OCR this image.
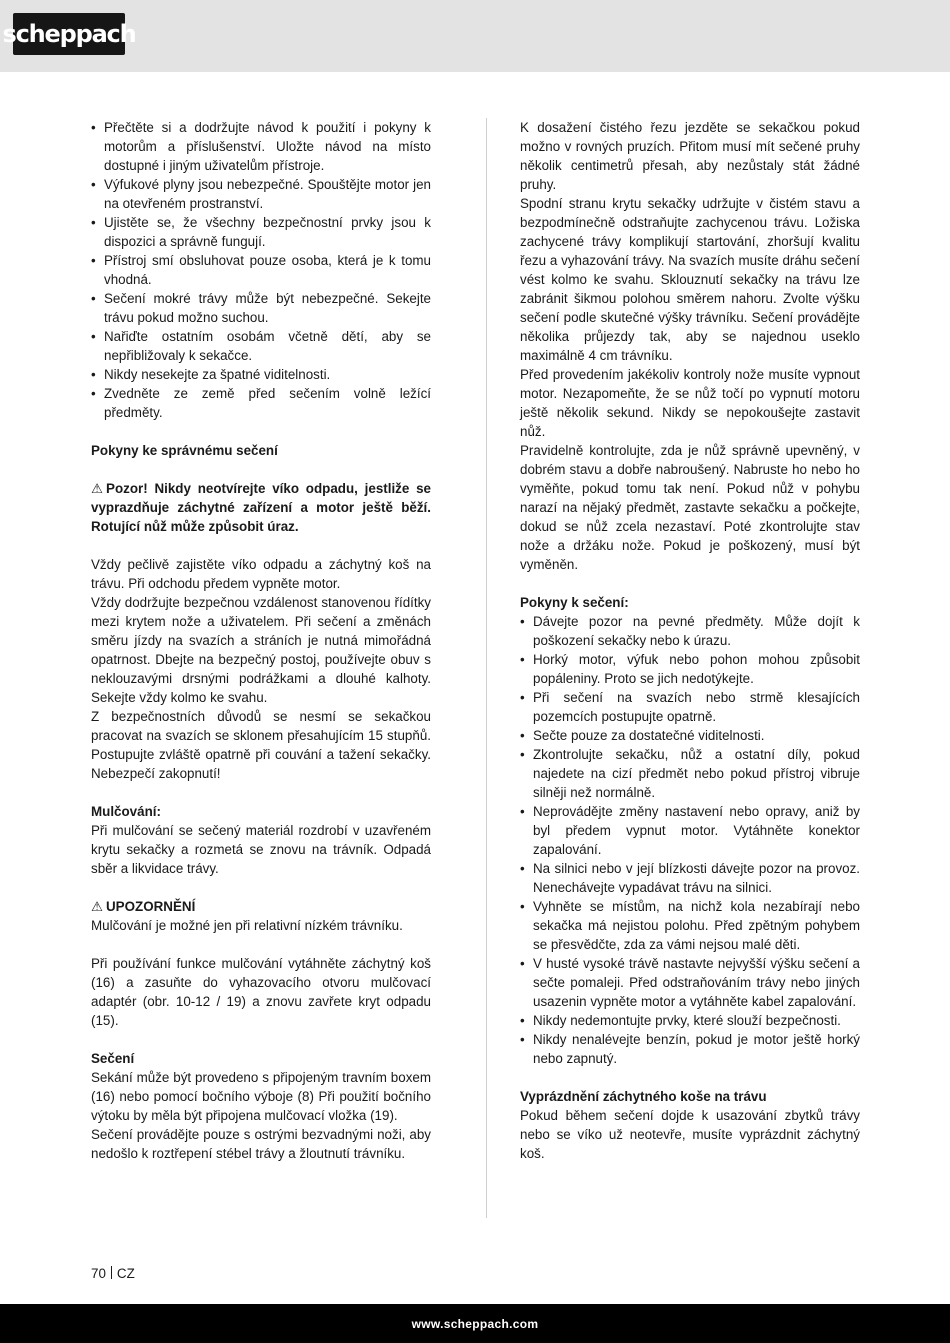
scheppach
• Přečtěte si a dodržujte návod k použití i pokyny k motorům a příslušenství. Uložte návod na místo dostupné i jiným uživatelům přístroje.
• Výfukové plyny jsou nebezpečné. Spouštějte motor jen na otevřeném prostranství.
• Ujistěte se, že všechny bezpečnostní prvky jsou k dispozici a správně fungují.
• Přístroj smí obsluhovat pouze osoba, která je k tomu vhodná.
• Sečení mokré trávy může být nebezpečné. Sekejte trávu pokud možno suchou.
• Nařiďte ostatním osobám včetně dětí, aby se nepřibližovaly k sekačce.
• Nikdy nesekejte za špatné viditelnosti.
• Zvedněte ze země před sečením volně ležící předměty.

Pokyny ke správnému sečení

⚠ Pozor! Nikdy neotvírejte víko odpadu, jestliže se vyprazdňuje záchytné zařízení a motor ještě běží. Rotující nůž může způsobit úraz.

Vždy pečlivě zajistěte víko odpadu a záchytný koš na trávu. Při odchodu předem vypněte motor.

Vždy dodržujte bezpečnou vzdálenost stanovenou řídítky mezi krytem nože a uživatelem. Při sečení a změnách směru jízdy na svazích a stráních je nutná mimořádná opatrnost. Dbejte na bezpečný postoj, používejte obuv s neklouzavými drsnými podrážkami a dlouhé kalhoty. Sekejte vždy kolmo ke svahu.

Z bezpečnostních důvodů se nesmí se sekačkou pracovat na svazích se sklonem přesahujícím 15 stupňů. Postupujte zvláště opatrně při couvání a tažení sekačky. Nebezpečí zakopnutí!

Mulčování:

Při mulčování se sečený materiál rozdrobí v uzavřeném krytu sekačky a rozmetá se znovu na trávník. Odpadá sběr a likvidace trávy.

⚠ UPOZORNĚNÍ

Mulčování je možné jen při relativní nízkém trávníku.

Při používání funkce mulčování vytáhněte záchytný koš (16) a zasuňte do vyhazovacího otvoru mulčovací adaptér (obr. 10-12 / 19) a znovu zavřete kryt odpadu (15).

Sečení

Sekání může být provedeno s připojeným travním boxem (16) nebo pomocí bočního výboje (8) Při použití bočního výtoku by měla být připojena mulčovací vložka (19).

Sečení provádějte pouze s ostrými bezvadnými noži, aby nedošlo k roztřepení stébel trávy a žloutnutí trávníku.

K dosažení čistého řezu jezděte se sekačkou pokud možno v rovných pruzích. Přitom musí mít sečené pruhy několik centimetrů přesah, aby nezůstaly stát žádné pruhy.

Spodní stranu krytu sekačky udržujte v čistém stavu a bezpodmínečně odstraňujte zachycenou trávu. Ložiska zachycené trávy komplikují startování, zhoršují kvalitu řezu a vyhazování trávy. Na svazích musíte dráhu sečení vést kolmo ke svahu. Sklouznutí sekačky na trávu lze zabránit šikmou polohou směrem nahoru. Zvolte výšku sečení podle skutečné výšky trávníku. Sečení provádějte několika průjezdy tak, aby se najednou useklo maximálně 4 cm trávníku.

Před provedením jakékoliv kontroly nože musíte vypnout motor. Nezapomeňte, že se nůž točí po vypnutí motoru ještě několik sekund. Nikdy se nepokoušejte zastavit nůž.

Pravidelně kontrolujte, zda je nůž správně upevněný, v dobrém stavu a dobře nabroušený. Nabruste ho nebo ho vyměňte, pokud tomu tak není. Pokud nůž v pohybu narazí na nějaký předmět, zastavte sekačku a počkejte, dokud se nůž zcela nezastaví. Poté zkontrolujte stav nože a držáku nože. Pokud je poškozený, musí být vyměněn.

Pokyny k sečení:

• Dávejte pozor na pevné předměty. Může dojít k poškození sekačky nebo k úrazu.
• Horký motor, výfuk nebo pohon mohou způsobit popáleniny. Proto se jich nedotýkejte.
• Při sečení na svazích nebo strmě klesajících pozemcích postupujte opatrně.
• Sečte pouze za dostatečné viditelnosti.
• Zkontrolujte sekačku, nůž a ostatní díly, pokud najedete na cizí předmět nebo pokud přístroj vibruje silněji než normálně.
• Neprovádějte změny nastavení nebo opravy, aniž by byl předem vypnut motor. Vytáhněte konektor zapalování.
• Na silnici nebo v její blízkosti dávejte pozor na provoz. Nenechávejte vypadávat trávu na silnici.
• Vyhněte se místům, na nichž kola nezabírají nebo sekačka má nejistou polohu. Před zpětným pohybem se přesvědčte, zda za vámi nejsou malé děti.
• V husté vysoké trávě nastavte nejvyšší výšku sečení a sečte pomaleji. Před odstraňováním trávy nebo jiných usazenin vypněte motor a vytáhněte kabel zapalování.
• Nikdy nedemontujte prvky, které slouží bezpečnosti.
• Nikdy nenalévejte benzín, pokud je motor ještě horký nebo zapnutý.

Vyprázdnění záchytného koše na trávu

Pokud během sečení dojde k usazování zbytků trávy nebo se víko už neotevře, musíte vyprázdnit záchytný koš.

70 CZ
www.scheppach.com
